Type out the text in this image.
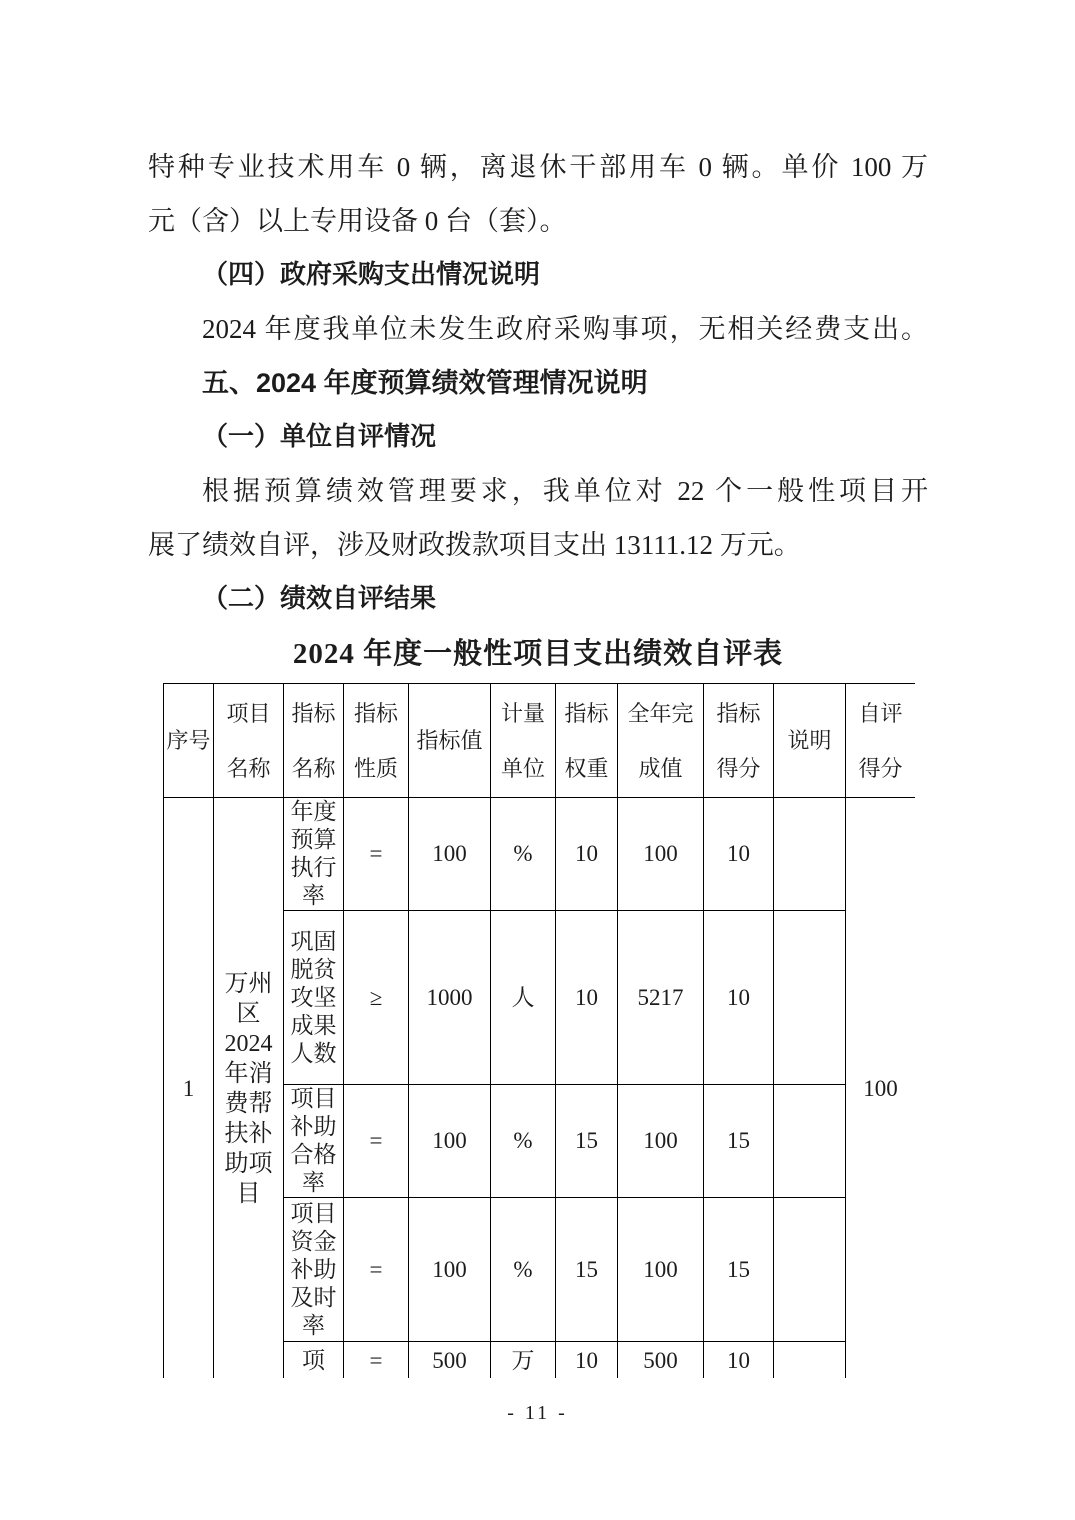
特种专业技术用车 0 辆，离退休干部用车 0 辆。单价 100 万
元（含）以上专用设备 0 台（套）。
（四）政府采购支出情况说明
2024 年度我单位未发生政府采购事项，无相关经费支出。
五、2024 年度预算绩效管理情况说明
（一）单位自评情况
根据预算绩效管理要求，我单位对 22 个一般性项目开
展了绩效自评，涉及财政拨款项目支出 13111.12 万元。
（二）绩效自评结果
2024 年度一般性项目支出绩效自评表
序号	项目名称	指标名称	指标性质	指标值	计量单位	指标权重	全年完成值	指标得分	说明	自评得分
1	万州区2024年消费帮扶补助项目	年度预算执行率	=	100	%	10	100	10		100
		巩固脱贫攻坚成果人数	≥	1000	人	10	5217	10		
		项目补助合格率	=	100	%	15	100	15		
		项目资金补助及时率	=	100	%	15	100	15		
		项	=	500	万	10	500	10		
- 11 -
